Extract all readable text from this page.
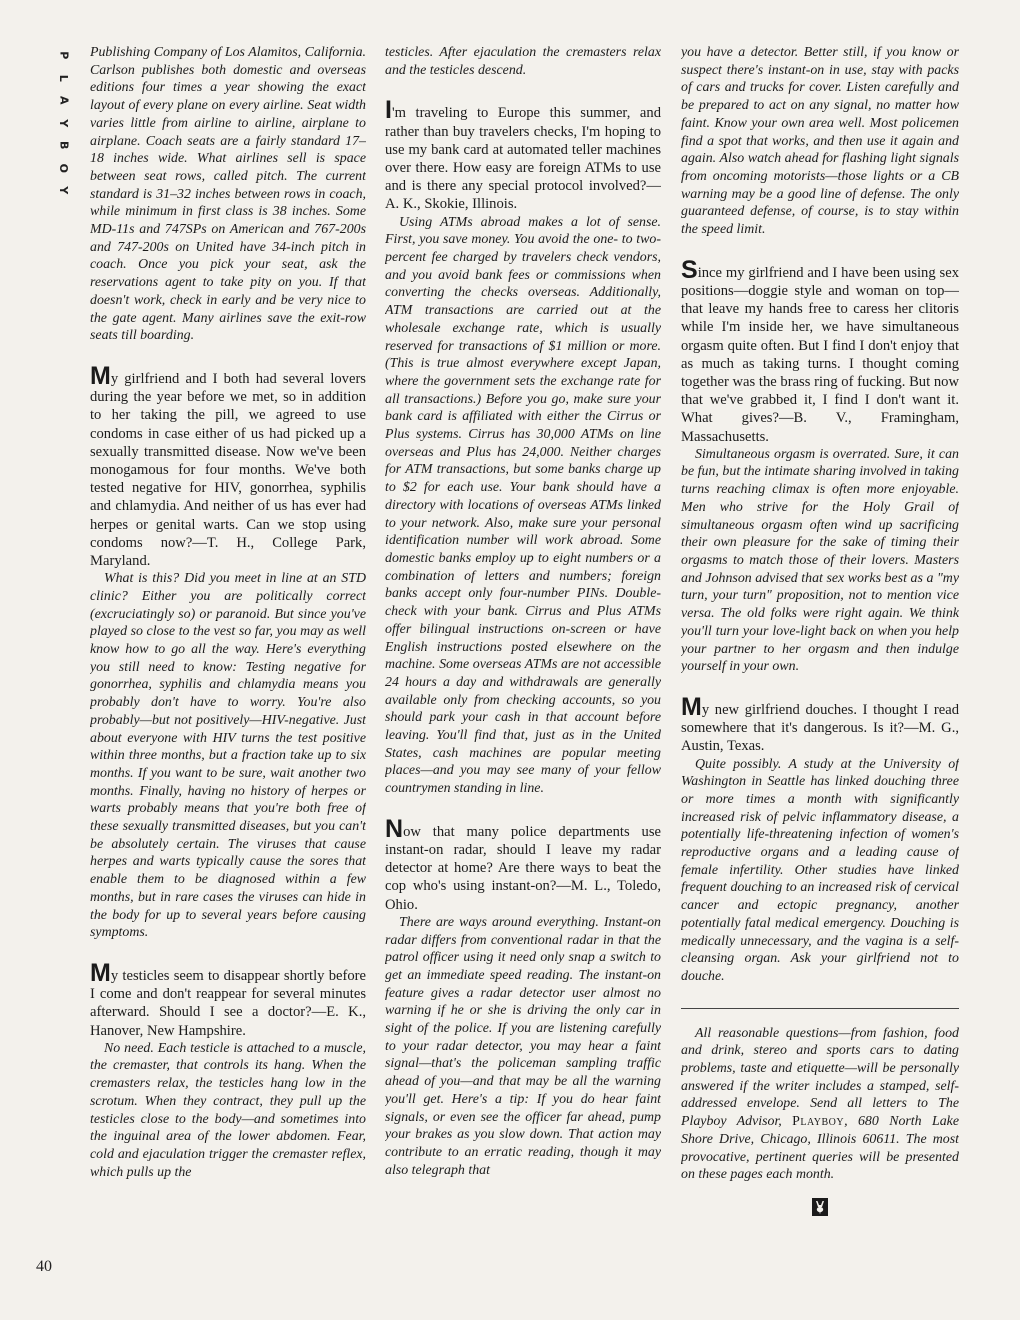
P
L
A
Y
B
O
Y
40

Publishing Company of Los Alamitos, California. Carlson publishes both domestic and overseas editions four times a year showing the exact layout of every plane on every airline. Seat width varies little from airline to airline, airplane to airplane. Coach seats are a fairly standard 17–18 inches wide. What airlines sell is space between seat rows, called pitch. The current standard is 31–32 inches between rows in coach, while minimum in first class is 38 inches. Some MD-11s and 747SPs on American and 767-200s and 747-200s on United have 34-inch pitch in coach. Once you pick your seat, ask the reservations agent to take pity on you. If that doesn't work, check in early and be very nice to the gate agent. Many airlines save the exit-row seats till boarding.

My girlfriend and I both had several lovers during the year before we met, so in addition to her taking the pill, we agreed to use condoms in case either of us had picked up a sexually transmitted disease. Now we've been monogamous for four months. We've both tested negative for HIV, gonorrhea, syphilis and chlamydia. And neither of us has ever had herpes or genital warts. Can we stop using condoms now?—T. H., College Park, Maryland.

What is this? Did you meet in line at an STD clinic? Either you are politically correct (excruciatingly so) or paranoid. But since you've played so close to the vest so far, you may as well know how to go all the way. Here's everything you still need to know: Testing negative for gonorrhea, syphilis and chlamydia means you probably don't have to worry. You're also probably—but not positively—HIV-negative. Just about everyone with HIV turns the test positive within three months, but a fraction take up to six months. If you want to be sure, wait another two months. Finally, having no history of herpes or warts probably means that you're both free of these sexually transmitted diseases, but you can't be absolutely certain. The viruses that cause herpes and warts typically cause the sores that enable them to be diagnosed within a few months, but in rare cases the viruses can hide in the body for up to several years before causing symptoms.

My testicles seem to disappear shortly before I come and don't reappear for several minutes afterward. Should I see a doctor?—E. K., Hanover, New Hampshire.

No need. Each testicle is attached to a muscle, the cremaster, that controls its hang. When the cremasters relax, the testicles hang low in the scrotum. When they contract, they pull up the testicles close to the body—and sometimes into the inguinal area of the lower abdomen. Fear, cold and ejaculation trigger the cremaster reflex, which pulls up the

testicles. After ejaculation the cremasters relax and the testicles descend.

I'm traveling to Europe this summer, and rather than buy travelers checks, I'm hoping to use my bank card at automated teller machines over there. How easy are foreign ATMs to use and is there any special protocol involved?—A. K., Skokie, Illinois.

Using ATMs abroad makes a lot of sense. First, you save money. You avoid the one- to two-percent fee charged by travelers check vendors, and you avoid bank fees or commissions when converting the checks overseas. Additionally, ATM transactions are carried out at the wholesale exchange rate, which is usually reserved for transactions of $1 million or more. (This is true almost everywhere except Japan, where the government sets the exchange rate for all transactions.) Before you go, make sure your bank card is affiliated with either the Cirrus or Plus systems. Cirrus has 30,000 ATMs on line overseas and Plus has 24,000. Neither charges for ATM transactions, but some banks charge up to $2 for each use. Your bank should have a directory with locations of overseas ATMs linked to your network. Also, make sure your personal identification number will work abroad. Some domestic banks employ up to eight numbers or a combination of letters and numbers; foreign banks accept only four-number PINs. Double-check with your bank. Cirrus and Plus ATMs offer bilingual instructions on-screen or have English instructions posted elsewhere on the machine. Some overseas ATMs are not accessible 24 hours a day and withdrawals are generally available only from checking accounts, so you should park your cash in that account before leaving. You'll find that, just as in the United States, cash machines are popular meeting places—and you may see many of your fellow countrymen standing in line.

Now that many police departments use instant-on radar, should I leave my radar detector at home? Are there ways to beat the cop who's using instant-on?—M. L., Toledo, Ohio.

There are ways around everything. Instant-on radar differs from conventional radar in that the patrol officer using it need only snap a switch to get an immediate speed reading. The instant-on feature gives a radar detector user almost no warning if he or she is driving the only car in sight of the police. If you are listening carefully to your radar detector, you may hear a faint signal—that's the policeman sampling traffic ahead of you—and that may be all the warning you'll get. Here's a tip: If you do hear faint signals, or even see the officer far ahead, pump your brakes as you slow down. That action may contribute to an erratic reading, though it may also telegraph that

you have a detector. Better still, if you know or suspect there's instant-on in use, stay with packs of cars and trucks for cover. Listen carefully and be prepared to act on any signal, no matter how faint. Know your own area well. Most policemen find a spot that works, and then use it again and again. Also watch ahead for flashing light signals from oncoming motorists—those lights or a CB warning may be a good line of defense. The only guaranteed defense, of course, is to stay within the speed limit.

Since my girlfriend and I have been using sex positions—doggie style and woman on top—that leave my hands free to caress her clitoris while I'm inside her, we have simultaneous orgasm quite often. But I find I don't enjoy that as much as taking turns. I thought coming together was the brass ring of fucking. But now that we've grabbed it, I find I don't want it. What gives?—B. V., Framingham, Massachusetts.

Simultaneous orgasm is overrated. Sure, it can be fun, but the intimate sharing involved in taking turns reaching climax is often more enjoyable. Men who strive for the Holy Grail of simultaneous orgasm often wind up sacrificing their own pleasure for the sake of timing their orgasms to match those of their lovers. Masters and Johnson advised that sex works best as a "my turn, your turn" proposition, not to mention vice versa. The old folks were right again. We think you'll turn your love-light back on when you help your partner to her orgasm and then indulge yourself in your own.

My new girlfriend douches. I thought I read somewhere that it's dangerous. Is it?—M. G., Austin, Texas.

Quite possibly. A study at the University of Washington in Seattle has linked douching three or more times a month with significantly increased risk of pelvic inflammatory disease, a potentially life-threatening infection of women's reproductive organs and a leading cause of female infertility. Other studies have linked frequent douching to an increased risk of cervical cancer and ectopic pregnancy, another potentially fatal medical emergency. Douching is medically unnecessary, and the vagina is a self-cleansing organ. Ask your girlfriend not to douche.

All reasonable questions—from fashion, food and drink, stereo and sports cars to dating problems, taste and etiquette—will be personally answered if the writer includes a stamped, self-addressed envelope. Send all letters to The Playboy Advisor, Playboy, 680 North Lake Shore Drive, Chicago, Illinois 60611. The most provocative, pertinent queries will be presented on these pages each month.
